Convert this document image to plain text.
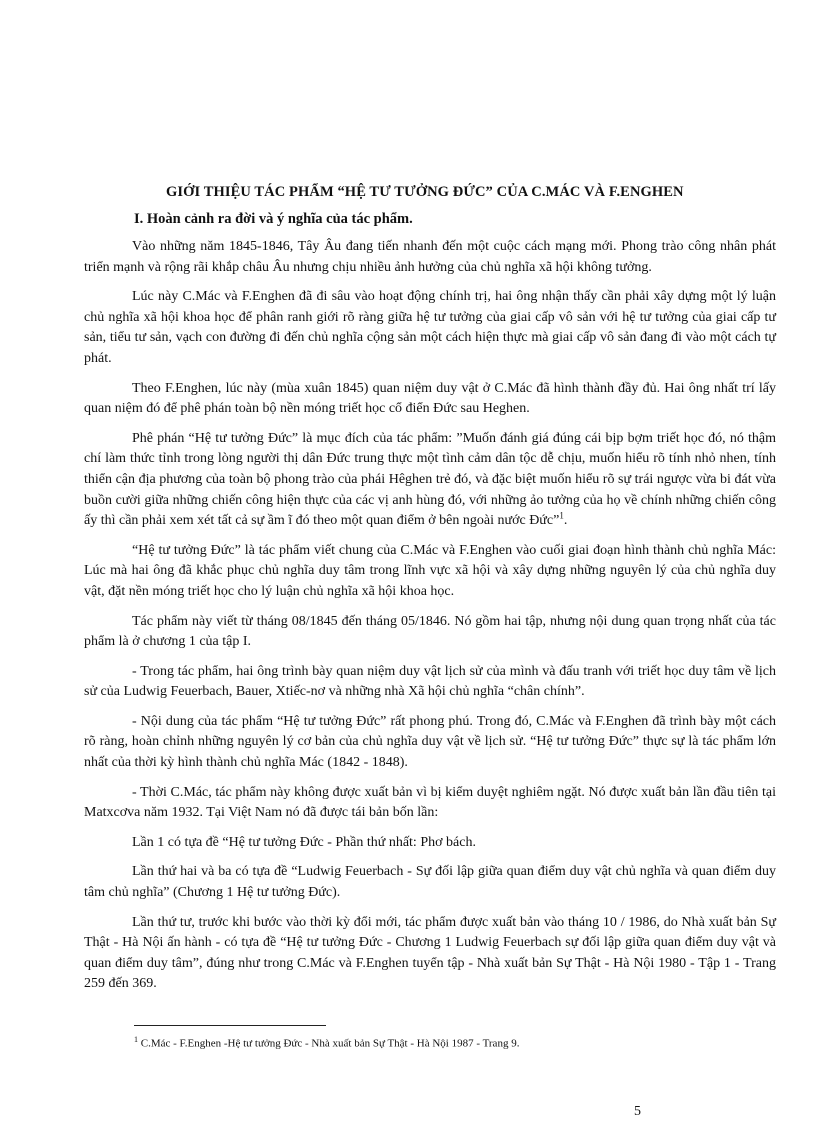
GIỚI THIỆU TÁC PHẨM “HỆ TƯ TƯỞNG ĐỨC” CỦA C.MÁC VÀ F.ENGHEN
I. Hoàn cảnh ra đời và ý nghĩa của tác phẩm.

Vào những năm 1845-1846, Tây Âu đang tiến nhanh đến một cuộc cách mạng mới. Phong trào công nhân phát triển mạnh và rộng rãi khắp châu Âu nhưng chịu nhiều ảnh hưởng của chủ nghĩa xã hội không tưởng.

Lúc này C.Mác và F.Enghen đã đi sâu vào hoạt động chính trị, hai ông nhận thấy cần phải xây dựng một lý luận chủ nghĩa xã hội khoa học để phân ranh giới rõ ràng giữa hệ tư tưởng của giai cấp vô sản với hệ tư tưởng của giai cấp tư sản, tiểu tư sản, vạch con đường đi đến chủ nghĩa cộng sản một cách hiện thực mà giai cấp vô sản đang đi vào một cách tự phát.

Theo F.Enghen, lúc này (mùa xuân 1845) quan niệm duy vật ở C.Mác đã hình thành đầy đủ. Hai ông nhất trí lấy quan niệm đó để phê phán toàn bộ nền móng triết học cổ điển Đức sau Heghen.

Phê phán “Hệ tư tưởng Đức” là mục đích của tác phẩm: ”Muốn đánh giá đúng cái bịp bợm triết học đó, nó thậm chí làm thức tỉnh trong lòng người thị dân Đức trung thực một tình cảm dân tộc dễ chịu, muốn hiểu rõ tính nhỏ nhen, tính thiển cận địa phương của toàn bộ phong trào của phái Hêghen trẻ đó, và đặc biệt muốn hiểu rõ sự trái ngược vừa bi đát vừa buồn cười giữa những chiến công hiện thực của các vị anh hùng đó, với những ảo tưởng của họ về chính những chiến công ấy thì cần phải xem xét tất cả sự ầm ĩ đó theo một quan điểm ở bên ngoài nước Đức”$^1$.

“Hệ tư tưởng Đức” là tác phẩm viết chung của C.Mác và F.Enghen vào cuối giai đoạn hình thành chủ nghĩa Mác: Lúc mà hai ông đã khắc phục chủ nghĩa duy tâm trong lĩnh vực xã hội và xây dựng những nguyên lý của chủ nghĩa duy vật, đặt nền móng triết học cho lý luận chủ nghĩa xã hội khoa học.

Tác phẩm này viết từ tháng 08/1845 đến tháng 05/1846. Nó gồm hai tập, nhưng nội dung quan trọng nhất của tác phẩm là ở chương 1 của tập I.

- Trong tác phẩm, hai ông trình bày quan niệm duy vật lịch sử của mình và đấu tranh với triết học duy tâm về lịch sử của Ludwig Feuerbach, Bauer, Xtiếc-nơ và những nhà Xã hội chủ nghĩa “chân chính”.

- Nội dung của tác phẩm “Hệ tư tưởng Đức” rất phong phú. Trong đó, C.Mác và F.Enghen đã trình bày một cách rõ ràng, hoàn chỉnh những nguyên lý cơ bản của chủ nghĩa duy vật về lịch sử. “Hệ tư tưởng Đức” thực sự là tác phẩm lớn nhất của thời kỳ hình thành chủ nghĩa Mác (1842 - 1848).

- Thời C.Mác, tác phẩm này không được xuất bản vì bị kiểm duyệt nghiêm ngặt. Nó được xuất bản lần đầu tiên tại Matxcơva năm 1932. Tại Việt Nam nó đã được tái bản bốn lần:

Lần 1 có tựa đề “Hệ tư tưởng Đức - Phần thứ nhất: Phơ bách.

Lần thứ hai và ba có tựa đề “Ludwig Feuerbach - Sự đối lập giữa quan điểm duy vật chủ nghĩa và quan điểm duy tâm chủ nghĩa” (Chương 1 Hệ tư tưởng Đức).

Lần thứ tư, trước khi bước vào thời kỳ đổi mới, tác phẩm được xuất bản vào tháng 10 / 1986, do Nhà xuất bản Sự Thật - Hà Nội ấn hành - có tựa đề “Hệ tư tưởng Đức - Chương 1 Ludwig Feuerbach sự đối lập giữa quan điểm duy vật và quan điểm duy tâm”, đúng như trong C.Mác và F.Enghen tuyển tập - Nhà xuất bản Sự Thật - Hà Nội 1980 - Tập 1 - Trang 259 đến 369.

$^1$ C.Mác - F.Enghen -Hệ tư tưởng Đức - Nhà xuất bản Sự Thật - Hà Nội 1987 - Trang 9.
5
